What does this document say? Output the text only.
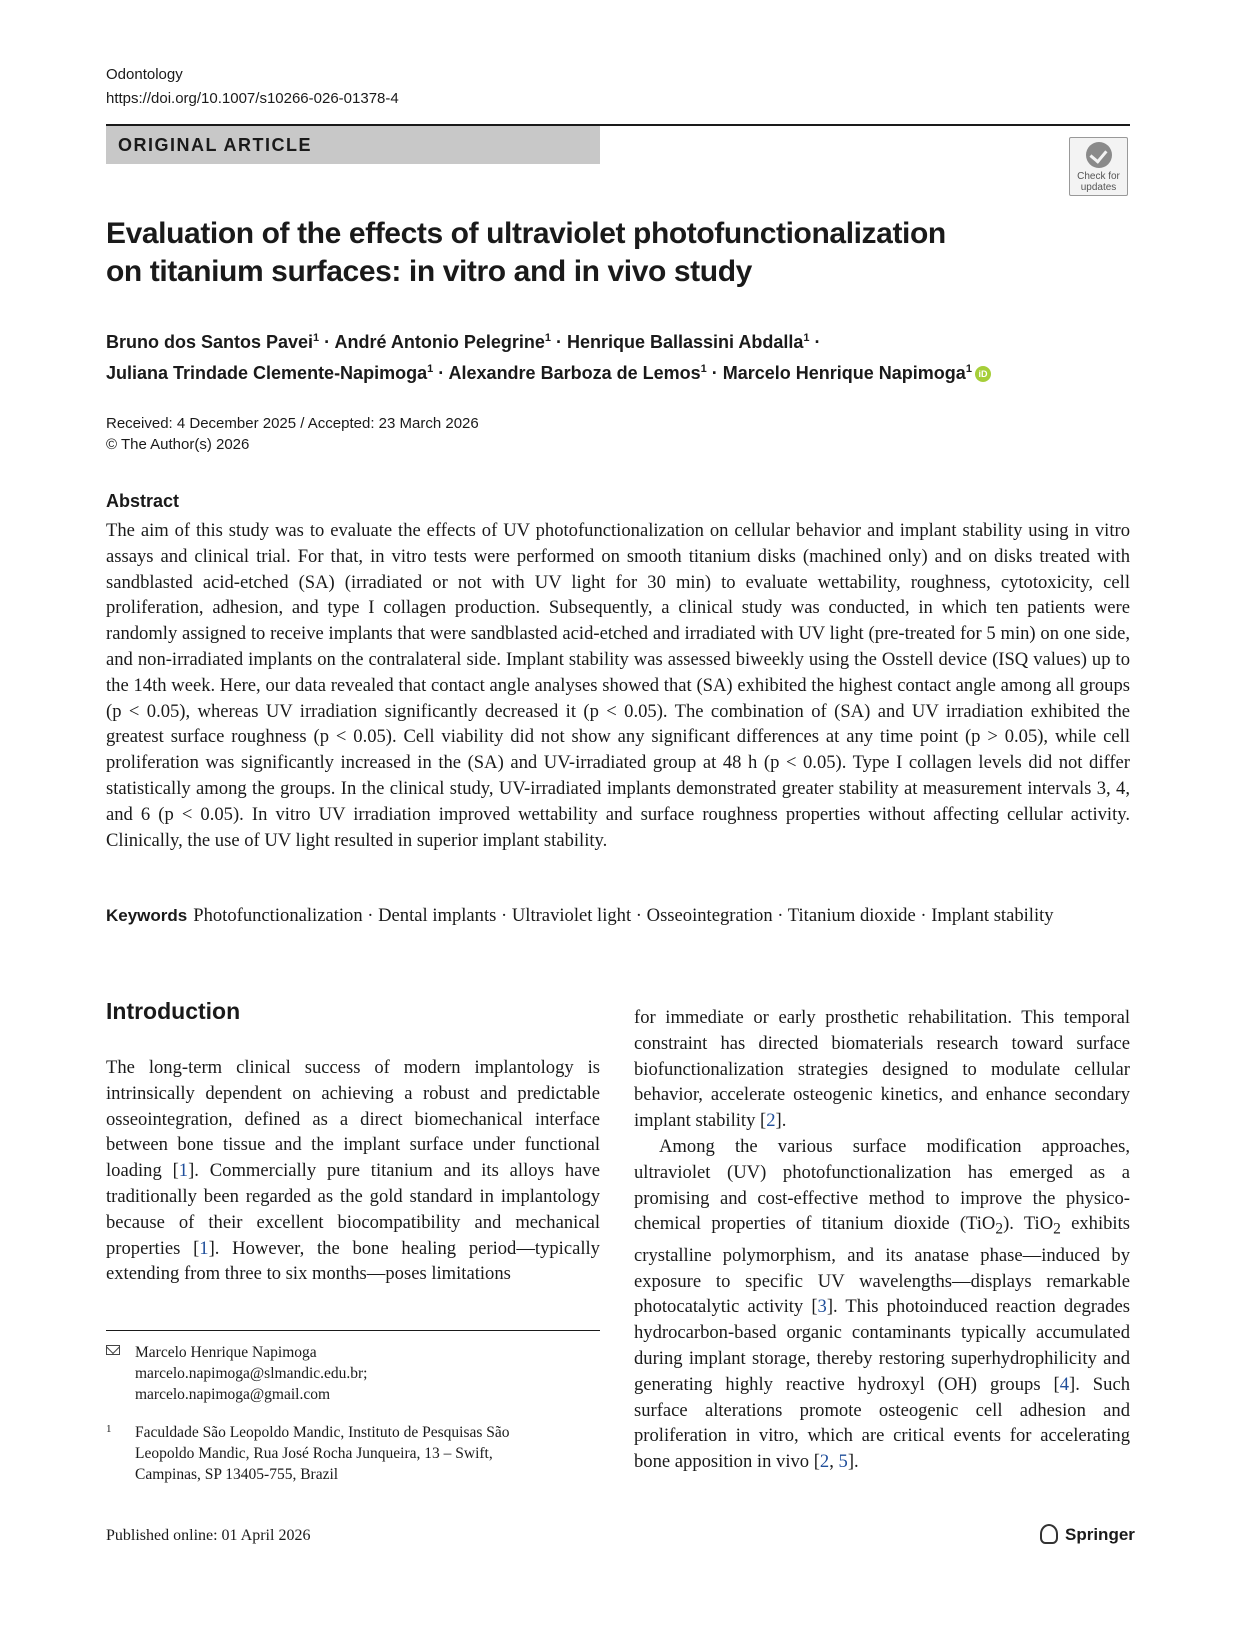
Odontology
https://doi.org/10.1007/s10266-026-01378-4
ORIGINAL ARTICLE
Check for
updates
Evaluation of the effects of ultraviolet photofunctionalization
on titanium surfaces: in vitro and in vivo study
Bruno dos Santos Pavei$^1$ · André Antonio Pelegrine$^1$ · Henrique Ballassini Abdalla$^1$ ·
Juliana Trindade Clemente-Napimoga$^1$ · Alexandre Barboza de Lemos$^1$ · Marcelo Henrique Napimoga$^1$ iD
Received: 4 December 2025 / Accepted: 23 March 2026
© The Author(s) 2026
Abstract

The aim of this study was to evaluate the effects of UV photofunctionalization on cellular behavior and implant stability using in vitro assays and clinical trial. For that, in vitro tests were performed on smooth titanium disks (machined only) and on disks treated with sandblasted acid-etched (SA) (irradiated or not with UV light for 30 min) to evaluate wettability, roughness, cytotoxicity, cell proliferation, adhesion, and type I collagen production. Subsequently, a clinical study was conducted, in which ten patients were randomly assigned to receive implants that were sandblasted acid-etched and irradiated with UV light (pre-treated for 5 min) on one side, and non-irradiated implants on the contralateral side. Implant stability was assessed biweekly using the Osstell device (ISQ values) up to the 14th week. Here, our data revealed that contact angle analyses showed that (SA) exhibited the highest contact angle among all groups (p < 0.05), whereas UV irradiation significantly decreased it (p < 0.05). The combination of (SA) and UV irradiation exhibited the greatest surface roughness (p < 0.05). Cell viability did not show any significant differences at any time point (p > 0.05), while cell proliferation was significantly increased in the (SA) and UV-irradiated group at 48 h (p < 0.05). Type I collagen levels did not differ statistically among the groups. In the clinical study, UV-irradiated implants demonstrated greater stability at measurement intervals 3, 4, and 6 (p < 0.05). In vitro UV irradiation improved wettability and surface roughness properties without affecting cellular activity. Clinically, the use of UV light resulted in superior implant stability.

Keywords Photofunctionalization · Dental implants · Ultraviolet light · Osseointegration · Titanium dioxide · Implant stability

Introduction

The long-term clinical success of modern implantology is intrinsically dependent on achieving a robust and predictable osseointegration, defined as a direct biomechanical interface between bone tissue and the implant surface under functional loading [1]. Commercially pure titanium and its alloys have traditionally been regarded as the gold standard in implantology because of their excellent biocompatibility and mechanical properties [1]. However, the bone healing period—typically extending from three to six months—poses limitations

for immediate or early prosthetic rehabilitation. This temporal constraint has directed biomaterials research toward surface biofunctionalization strategies designed to modulate cellular behavior, accelerate osteogenic kinetics, and enhance secondary implant stability [2].

Among the various surface modification approaches, ultraviolet (UV) photofunctionalization has emerged as a promising and cost-effective method to improve the physico-chemical properties of titanium dioxide (TiO$_2$). TiO$_2$ exhibits crystalline polymorphism, and its anatase phase—induced by exposure to specific UV wavelengths—displays remarkable photocatalytic activity [3]. This photoinduced reaction degrades hydrocarbon-based organic contaminants typically accumulated during implant storage, thereby restoring superhydrophilicity and generating highly reactive hydroxyl (OH) groups [4]. Such surface alterations promote osteogenic cell adhesion and proliferation in vitro, which are critical events for accelerating bone apposition in vivo [2, 5].

Marcelo Henrique Napimoga
marcelo.napimoga@slmandic.edu.br;
marcelo.napimoga@gmail.com
1 Faculdade São Leopoldo Mandic, Instituto de Pesquisas São
Leopoldo Mandic, Rua José Rocha Junqueira, 13 – Swift,
Campinas, SP 13405-755, Brazil
Published online: 01 April 2026	Springer
